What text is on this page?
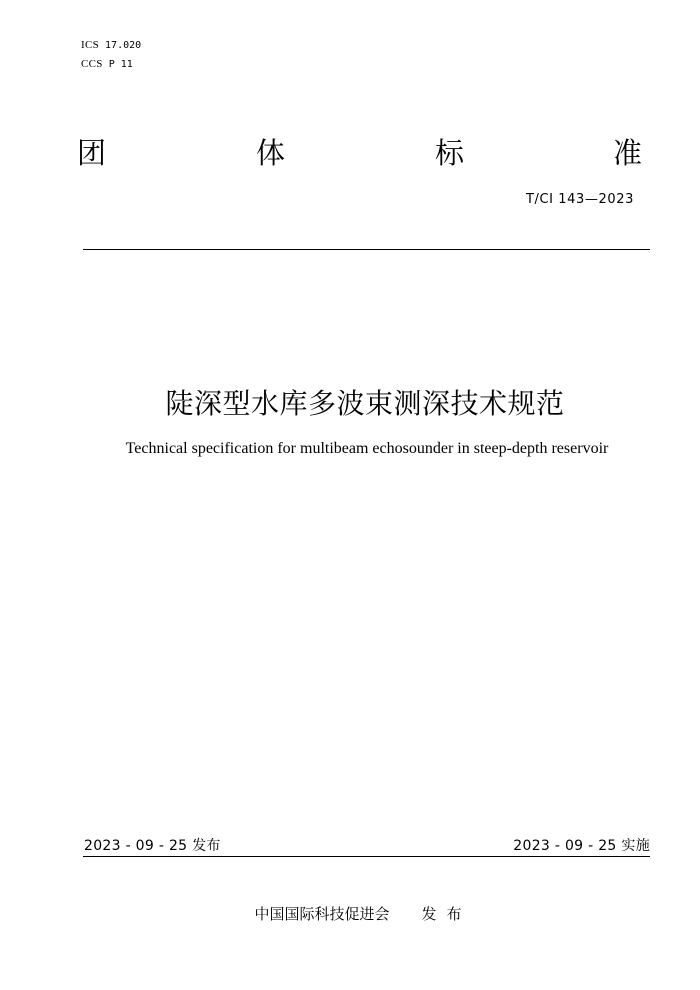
ICS 17.020
CCS P 11
团	体	标	准
T/CI 143—2023
陡深型水库多波束测深技术规范
Technical specification for multibeam echosounder in steep-depth reservoir
2023 - 09 - 25 发布	2023 - 09 - 25 实施
中国国际科技促进会 发 布
